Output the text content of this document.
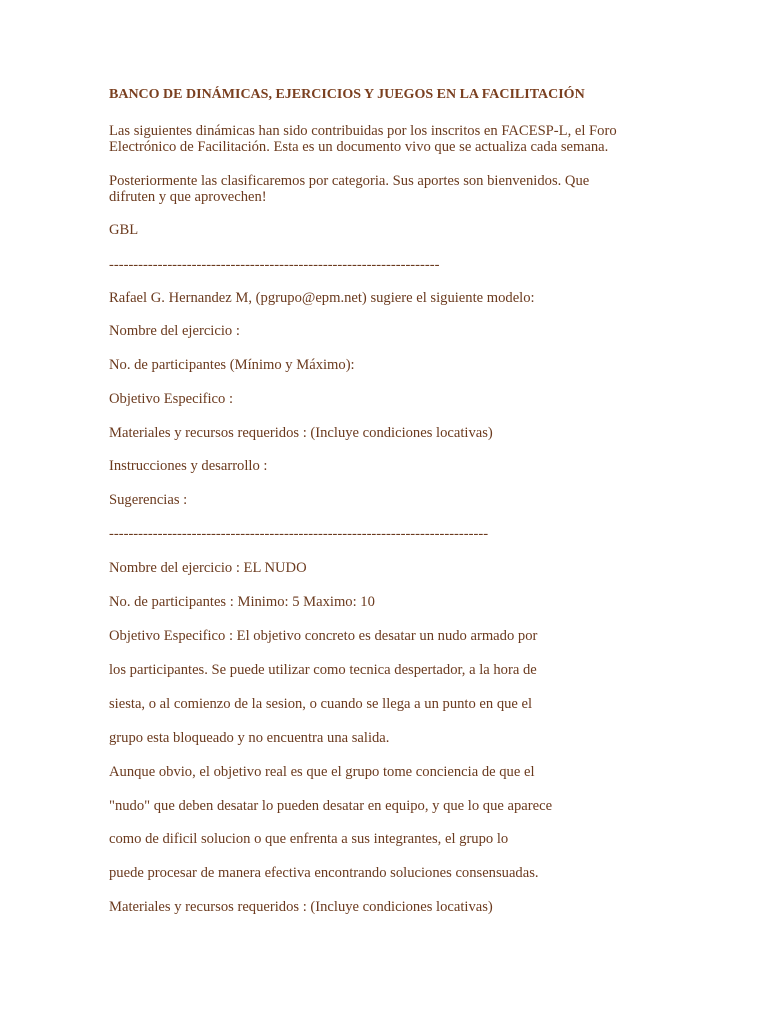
BANCO DE DINÁMICAS, EJERCICIOS Y JUEGOS EN LA FACILITACIÓN

Las siguientes dinámicas han sido contribuidas por los inscritos en FACESP-L, el Foro

Electrónico de Facilitación. Esta es un documento vivo que se actualiza cada semana.

Posteriormente las clasificaremos por categoria. Sus aportes son bienvenidos. Que

difruten y que aprovechen!

GBL

--------------------------------------------------------------------

Rafael G. Hernandez M, (pgrupo@epm.net) sugiere el siguiente modelo:

Nombre del ejercicio :

No. de participantes (Mínimo y Máximo):

Objetivo Especifico :

Materiales y recursos requeridos : (Incluye condiciones locativas)

Instrucciones y desarrollo :

Sugerencias :

------------------------------------------------------------------------------

Nombre del ejercicio : EL NUDO

No. de participantes : Minimo: 5 Maximo: 10

Objetivo Especifico : El objetivo concreto es desatar un nudo armado por

los participantes. Se puede utilizar como tecnica despertador, a la hora de

siesta, o al comienzo de la sesion, o cuando se llega a un punto en que el

grupo esta bloqueado y no encuentra una salida.

Aunque obvio, el objetivo real es que el grupo tome conciencia de que el

"nudo" que deben desatar lo pueden desatar en equipo, y que lo que aparece

como de dificil solucion o que enfrenta a sus integrantes, el grupo lo

puede procesar de manera efectiva encontrando soluciones consensuadas.

Materiales y recursos requeridos : (Incluye condiciones locativas)
